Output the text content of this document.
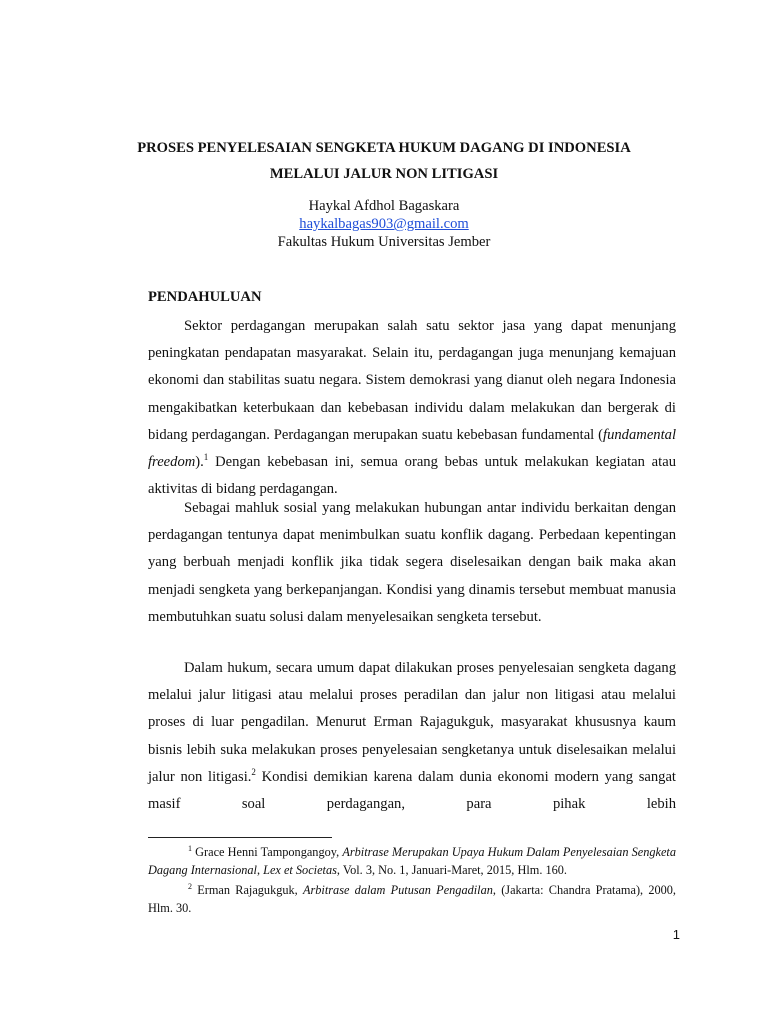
PROSES PENYELESAIAN SENGKETA HUKUM DAGANG DI INDONESIA
MELALUI JALUR NON LITIGASI
Haykal Afdhol Bagaskara
haykalbagas903@gmail.com
Fakultas Hukum Universitas Jember
PENDAHULUAN

Sektor perdagangan merupakan salah satu sektor jasa yang dapat menunjang peningkatan pendapatan masyarakat. Selain itu, perdagangan juga menunjang kemajuan ekonomi dan stabilitas suatu negara. Sistem demokrasi yang dianut oleh negara Indonesia mengakibatkan keterbukaan dan kebebasan individu dalam melakukan dan bergerak di bidang perdagangan. Perdagangan merupakan suatu kebebasan fundamental (fundamental freedom).$^1$ Dengan kebebasan ini, semua orang bebas untuk melakukan kegiatan atau aktivitas di bidang perdagangan.

Sebagai mahluk sosial yang melakukan hubungan antar individu berkaitan dengan perdagangan tentunya dapat menimbulkan suatu konflik dagang. Perbedaan kepentingan yang berbuah menjadi konflik jika tidak segera diselesaikan dengan baik maka akan menjadi sengketa yang berkepanjangan. Kondisi yang dinamis tersebut membuat manusia membutuhkan suatu solusi dalam menyelesaikan sengketa tersebut.

Dalam hukum, secara umum dapat dilakukan proses penyelesaian sengketa dagang melalui jalur litigasi atau melalui proses peradilan dan jalur non litigasi atau melalui proses di luar pengadilan. Menurut Erman Rajagukguk, masyarakat khususnya kaum bisnis lebih suka melakukan proses penyelesaian sengketanya untuk diselesaikan melalui jalur non litigasi.$^2$ Kondisi demikian karena dalam dunia ekonomi modern yang sangat masif soal perdagangan, para pihak lebih

$^1$ Grace Henni Tampongangoy, Arbitrase Merupakan Upaya Hukum Dalam Penyelesaian Sengketa Dagang Internasional, Lex et Societas, Vol. 3, No. 1, Januari-Maret, 2015, Hlm. 160.

$^2$ Erman Rajagukguk, Arbitrase dalam Putusan Pengadilan, (Jakarta: Chandra Pratama), 2000, Hlm. 30.

1
